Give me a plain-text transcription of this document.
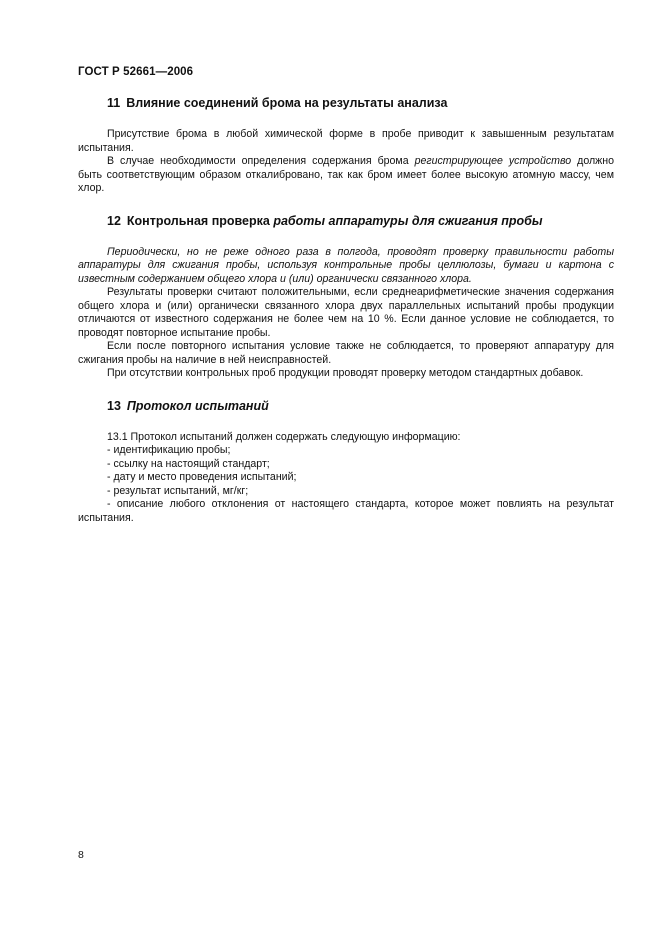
ГОСТ Р 52661—2006
11 Влияние соединений брома на результаты анализа

Присутствие брома в любой химической форме в пробе приводит к завышенным результатам испытания.

В случае необходимости определения содержания брома регистрирующее устройство должно быть соответствующим образом откалибровано, так как бром имеет более высокую атомную массу, чем хлор.

12 Контрольная проверка работы аппаратуры для сжигания пробы

Периодически, но не реже одного раза в полгода, проводят проверку правильности работы аппаратуры для сжигания пробы, используя контрольные пробы целлюлозы, бумаги и картона с известным содержанием общего хлора и (или) органически связанного хлора.

Результаты проверки считают положительными, если среднеарифметические значения содержания общего хлора и (или) органически связанного хлора двух параллельных испытаний пробы продукции отличаются от известного содержания не более чем на 10 %. Если данное условие не соблюдается, то проводят повторное испытание пробы.

Если после повторного испытания условие также не соблюдается, то проверяют аппаратуру для сжигания пробы на наличие в ней неисправностей.

При отсутствии контрольных проб продукции проводят проверку методом стандартных добавок.

13 Протокол испытаний

13.1 Протокол испытаний должен содержать следующую информацию:

- идентификацию пробы;

- ссылку на настоящий стандарт;

- дату и место проведения испытаний;

- результат испытаний, мг/кг;

- описание любого отклонения от настоящего стандарта, которое может повлиять на результат испытания.

8
